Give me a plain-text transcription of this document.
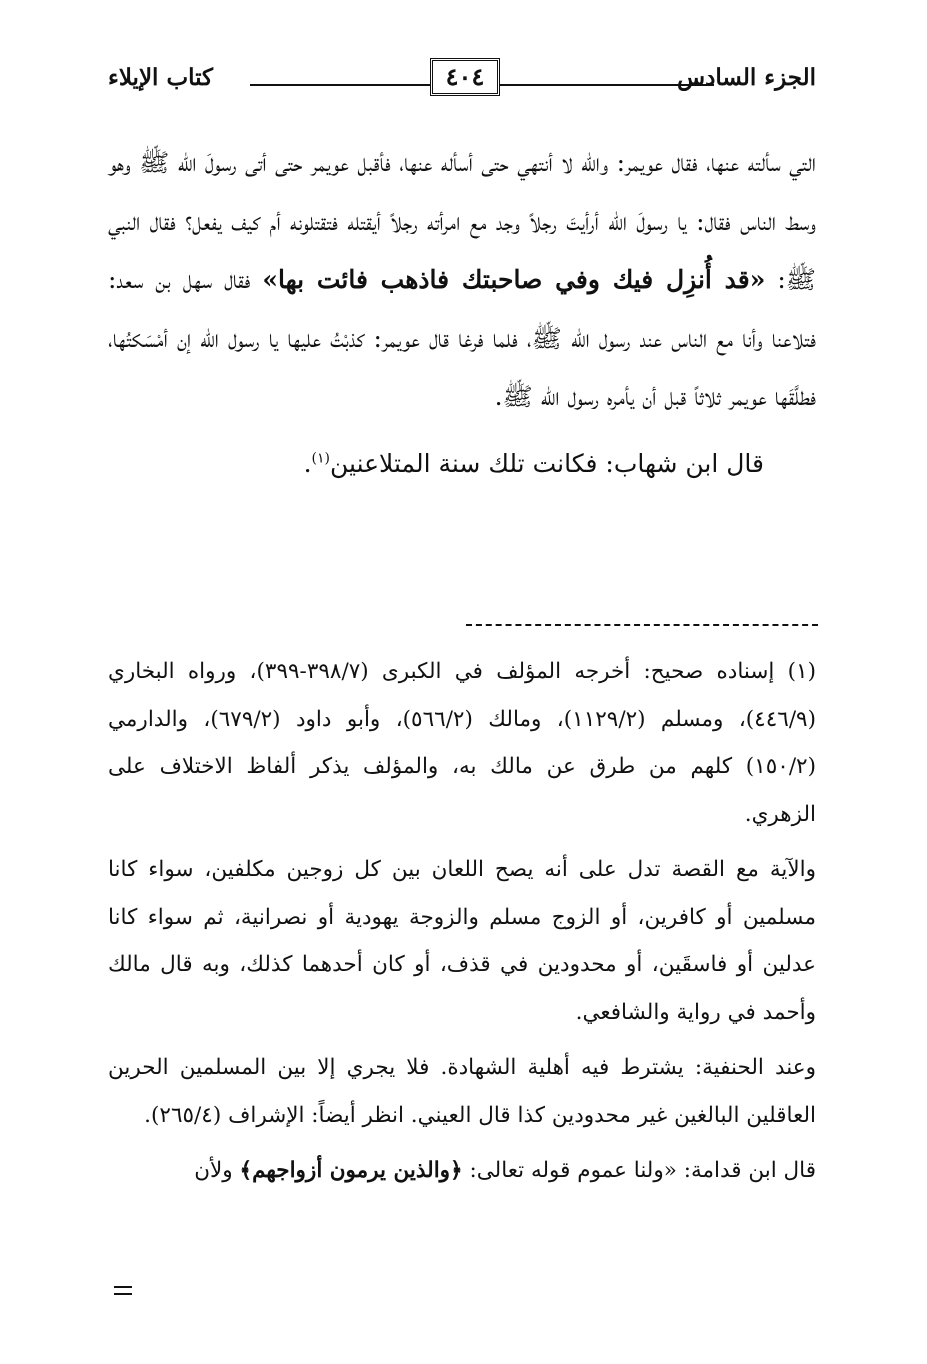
الجزء السادس
٤٠٤
كتاب الإيلاء

التي سألته عنها، فقال عويمر: والله لا أنتهي حتى أسأله عنها، فأقبل عويمر حتى أتى رسولَ الله ﷺ وهو وسط الناس فقال: يا رسولَ الله أرأيتَ رجلاً وجد مع امرأته رجلاً أيقتله فتقتلونه أم كيف يفعل؟ فقال النبي ﷺ: «قد أُنزِل فيك وفي صاحبتك فاذهب فائت بها» فقال سهل بن سعد: فتلاعنا وأنا مع الناس عند رسول الله ﷺ، فلما فرغا قال عويمر: كذبْتُ عليها يا رسول الله إن أمْسَكتُها، فطلَّقَها عويمر ثلاثاً قبل أن يأمره رسول الله ﷺ.

قال ابن شهاب: فكانت تلك سنة المتلاعنين$^{(١)}$.

(١) إسناده صحيح: أخرجه المؤلف في الكبرى (٣٩٨/٧-٣٩٩)، ورواه البخاري (٤٤٦/٩)، ومسلم (١١٢٩/٢)، ومالك (٥٦٦/٢)، وأبو داود (٦٧٩/٢)، والدارمي (١٥٠/٢) كلهم من طرق عن مالك به، والمؤلف يذكر ألفاظ الاختلاف على الزهري.

والآية مع القصة تدل على أنه يصح اللعان بين كل زوجين مكلفين، سواء كانا مسلمين أو كافرين، أو الزوج مسلم والزوجة يهودية أو نصرانية، ثم سواء كانا عدلين أو فاسقَين، أو محدودين في قذف، أو كان أحدهما كذلك، وبه قال مالك وأحمد في رواية والشافعي.

وعند الحنفية: يشترط فيه أهلية الشهادة. فلا يجري إلا بين المسلمين الحرين العاقلين البالغين غير محدودين كذا قال العيني. انظر أيضاً: الإشراف (٢٦٥/٤).

قال ابن قدامة: «ولنا عموم قوله تعالى: ﴿والذين يرمون أزواجهم﴾ ولأن
